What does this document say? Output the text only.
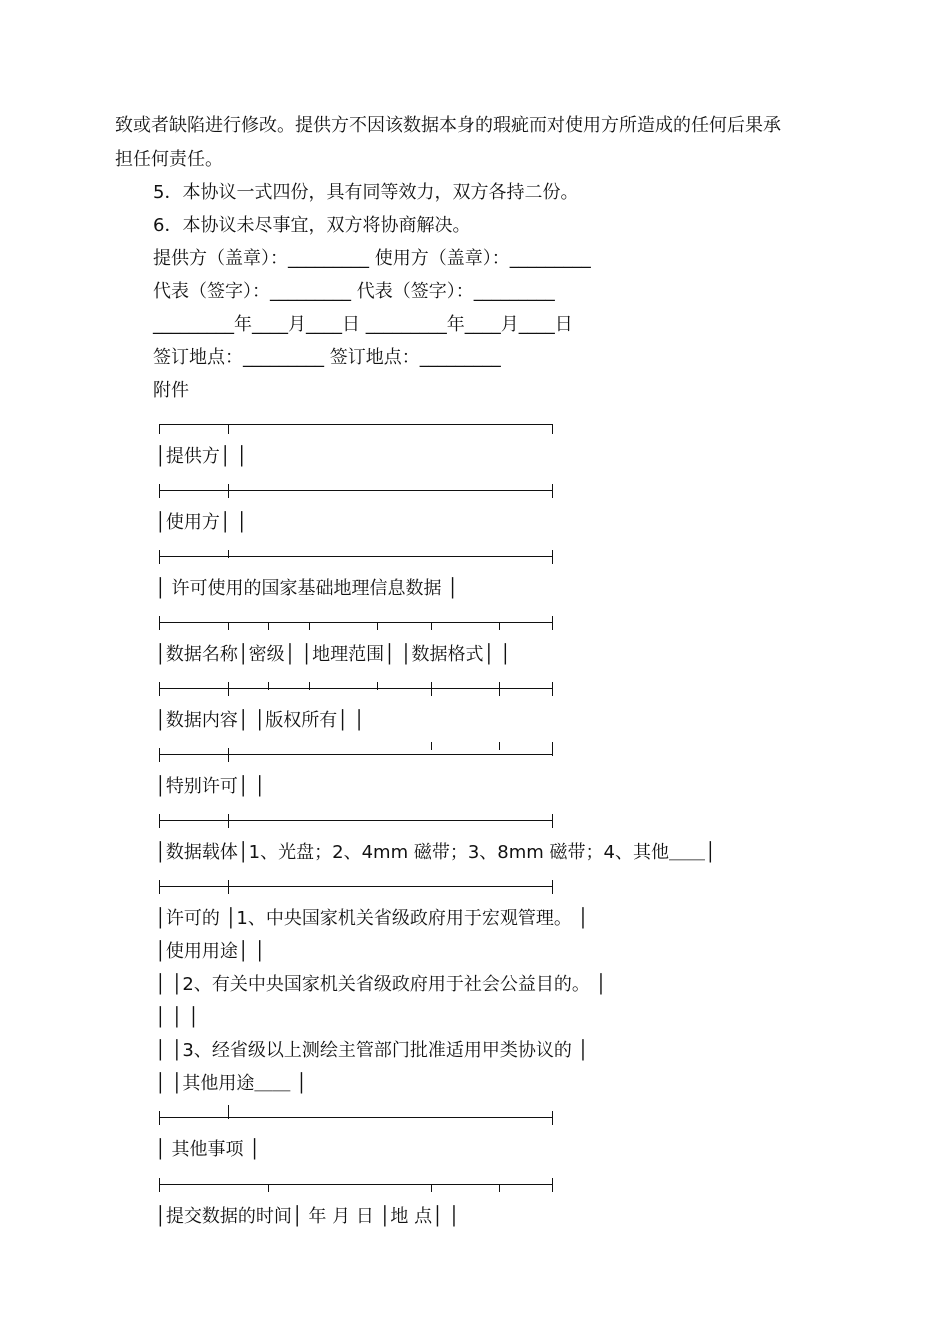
致或者缺陷进行修改。提供方不因该数据本身的瑕疵而对使用方所造成的任何后果承
担任何责任。
5．本协议一式四份，具有同等效力，双方各持二份。
6．本协议未尽事宜，双方将协商解决。
提供方（盖章）：_________ 使用方（盖章）：_________
代表（签字）：_________ 代表（签字）：_________
_________年____月____日 _________年____月____日
签订地点：_________ 签订地点：_________
附件
│提供方│ │
│使用方│ │
│ 许可使用的国家基础地理信息数据 │
│数据名称│密级│ │地理范围│ │数据格式│ │
│数据内容│ │版权所有│ │
│特别许可│ │
│数据载体│1、光盘；2、4mm 磁带；3、8mm 磁带；4、其他＿＿│
│许可的 │1、中央国家机关省级政府用于宏观管理。 │
│使用用途│ │
│ │2、有关中央国家机关省级政府用于社会公益目的。 │
│ │ │
│ │3、经省级以上测绘主管部门批准适用甲类协议的 │
│ │其他用途＿＿ │
│ 其他事项 │
│提交数据的时间│ 年 月 日 │地 点│ │
